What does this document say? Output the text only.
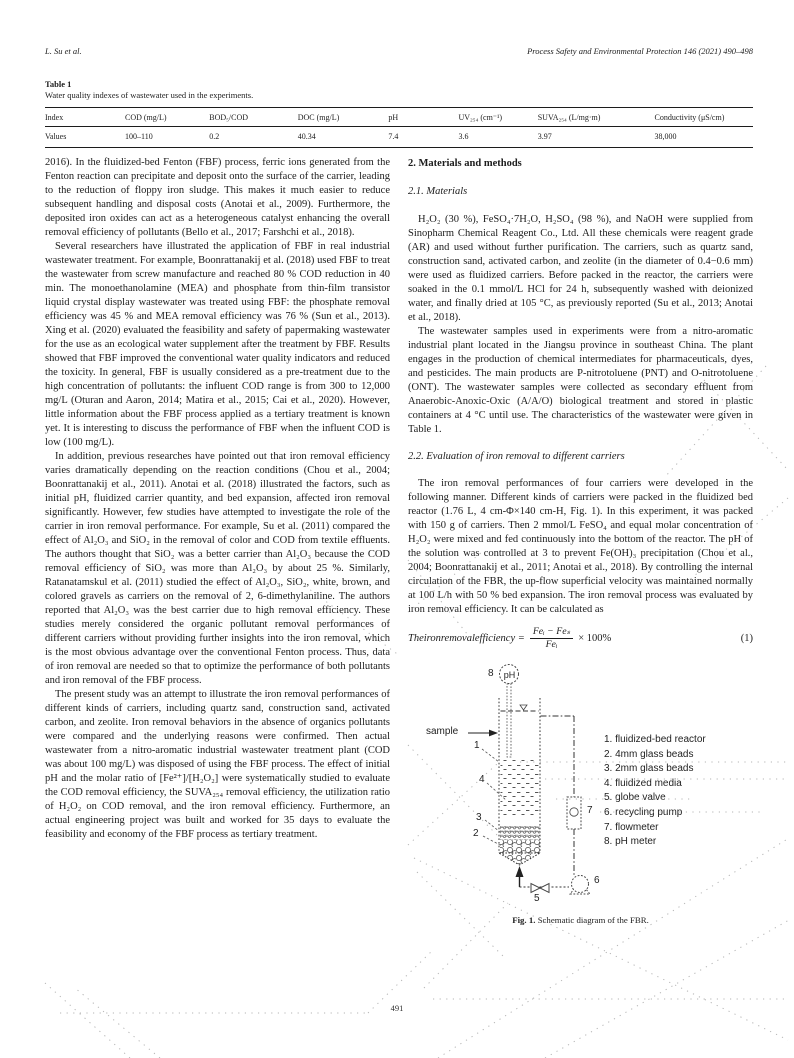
L. Su et al.	Process Safety and Environmental Protection 146 (2021) 490–498
Table 1
Water quality indexes of wastewater used in the experiments.
Index	COD (mg/L)	BOD₅/COD	DOC (mg/L)	pH	UV₂₅₄ (cm⁻¹)	SUVA₂₅₄ (L/mg·m)	Conductivity (μS/cm)
Values	100–110	0.2	40.34	7.4	3.6	3.97	38,000

2016). In the fluidized-bed Fenton (FBF) process, ferric ions generated from the Fenton reaction can precipitate and deposit onto the surface of the carrier, leading to the reduction of floppy iron sludge. This makes it much easier to reduce subsequent handling and disposal costs (Anotai et al., 2009). Furthermore, the deposited iron oxides can act as a heterogeneous catalyst enhancing the overall removal efficiency of pollutants (Bello et al., 2017; Farshchi et al., 2018).

Several researchers have illustrated the application of FBF in real industrial wastewater treatment. For example, Boonrattanakij et al. (2018) used FBF to treat the wastewater from screw manufacture and reached 80 % COD reduction in 40 min. The monoethanolamine (MEA) and phosphate from thin-film transistor liquid crystal display wastewater was treated using FBF: the phosphate removal efficiency was 45 % and MEA removal efficiency was 76 % (Sun et al., 2013). Xing et al. (2020) evaluated the feasibility and safety of papermaking wastewater for the use as an ecological water supplement after the treatment by FBF. Results showed that FBF improved the conventional water quality indicators and reduced the toxicity. In general, FBF is usually considered as a pre-treatment due to the high concentration of pollutants: the influent COD range is from 300 to 12,000 mg/L (Oturan and Aaron, 2014; Matira et al., 2015; Cai et al., 2020). However, little information about the FBF process applied as a tertiary treatment is known yet. It is interesting to discuss the performance of FBF when the influent COD is low (100 mg/L).

In addition, previous researches have pointed out that iron removal efficiency varies dramatically depending on the reaction conditions (Chou et al., 2004; Boonrattanakij et al., 2011). Anotai et al. (2018) illustrated the factors, such as initial pH, fluidized carrier quantity, and bed expansion, affected iron removal significantly. However, few studies have attempted to investigate the role of the carrier in iron removal performance. For example, Su et al. (2011) compared the effect of Al₂O₃ and SiO₂ in the removal of color and COD from textile effluents. The authors thought that SiO₂ was a better carrier than Al₂O₃ because the COD removal efficiency of SiO₂ was more than Al₂O₃ by about 25 %. Similarly, Ratanatamskul et al. (2011) studied the effect of Al₂O₃, SiO₂, white, brown, and colored gravels as carriers on the removal of 2, 6-dimethylaniline. The authors reported that Al₂O₃ was the best carrier due to high removal efficiency. These studies merely considered the organic pollutant removal performances of different carriers without providing further insights into the iron removal, which is the most obvious advantage over the conventional Fenton process. Thus, data of iron removal are needed so that to optimize the performance of both pollutants and iron removal of the FBF process.

The present study was an attempt to illustrate the iron removal performances of different kinds of carriers, including quartz sand, construction sand, activated carbon, and zeolite. Iron removal behaviors in the absence of organics pollutants were compared and the underlying reasons were confirmed. Then actual wastewater from a nitro-aromatic industrial wastewater treatment plant (COD was about 100 mg/L) was disposed of using the FBF process. The effect of initial pH and the molar ratio of [Fe²⁺]/[H₂O₂] were systematically studied to evaluate the COD removal efficiency, the SUVA₂₅₄ removal efficiency, the utilization ratio of H₂O₂ on COD removal, and the iron removal efficiency. Furthermore, an actual engineering project was built and worked for 35 days to evaluate the feasibility and economy of the FBF process as tertiary treatment.

2. Materials and methods
2.1. Materials

H₂O₂ (30 %), FeSO₄·7H₂O, H₂SO₄ (98 %), and NaOH were supplied from Sinopharm Chemical Reagent Co., Ltd. All these chemicals were reagent grade (AR) and used without further purification. The carriers, such as quartz sand, construction sand, activated carbon, and zeolite (in the diameter of 0.4−0.6 mm) were used as fluidized carriers. Before packed in the reactor, the carriers were soaked in the 0.1 mmol/L HCl for 24 h, subsequently washed with deionized water, and finally dried at 105 °C, as previously reported (Su et al., 2013; Anotai et al., 2018).

The wastewater samples used in experiments were from a nitro-aromatic industrial plant located in the Jiangsu province in southeast China. The plant engages in the production of chemical intermediates for pharmaceuticals, dyes, and pesticides. The main products are P-nitrotoluene (PNT) and O-nitrotoluene (ONT). The wastewater samples were collected as secondary effluent from Anaerobic-Anoxic-Oxic (A/A/O) biological treatment and stored in plastic containers at 4 °C until use. The characteristics of the wastewater were given in Table 1.

2.2. Evaluation of iron removal to different carriers

The iron removal performances of four carriers were developed in the following manner. Different kinds of carriers were packed in the fluidized bed reactor (1.76 L, 4 cm-Φ×140 cm-H, Fig. 1). In this experiment, it was packed with 150 g of carriers. Then 2 mmol/L FeSO₄ and equal molar concentration of H₂O₂ were mixed and fed continuously into the bottom of the reactor. The pH of the solution was controlled at 3 to prevent Fe(OH)₃ precipitation (Chou et al., 2004; Boonrattanakij et al., 2011; Anotai et al., 2018). By controlling the internal circulation of the FBR, the up-flow superficial velocity was maintained normally at 100 L/h with 50 % bed expansion. The iron removal process was evaluated by iron removal efficiency. It can be calculated as

Theironremovalefficiency = $\frac{\text{Feᵢ − Feₛ}}{\text{Feᵢ}} \times 100\%$	(1)
8 pH
sample
1
4
3
2
7
5
6
1. fluidized-bed reactor
2. 4mm glass beads
3. 2mm glass beads
4. fluidized media
5. globe valve
6. recycling pump
7. flowmeter
8. pH meter
Fig. 1. Schematic diagram of the FBR.
491
